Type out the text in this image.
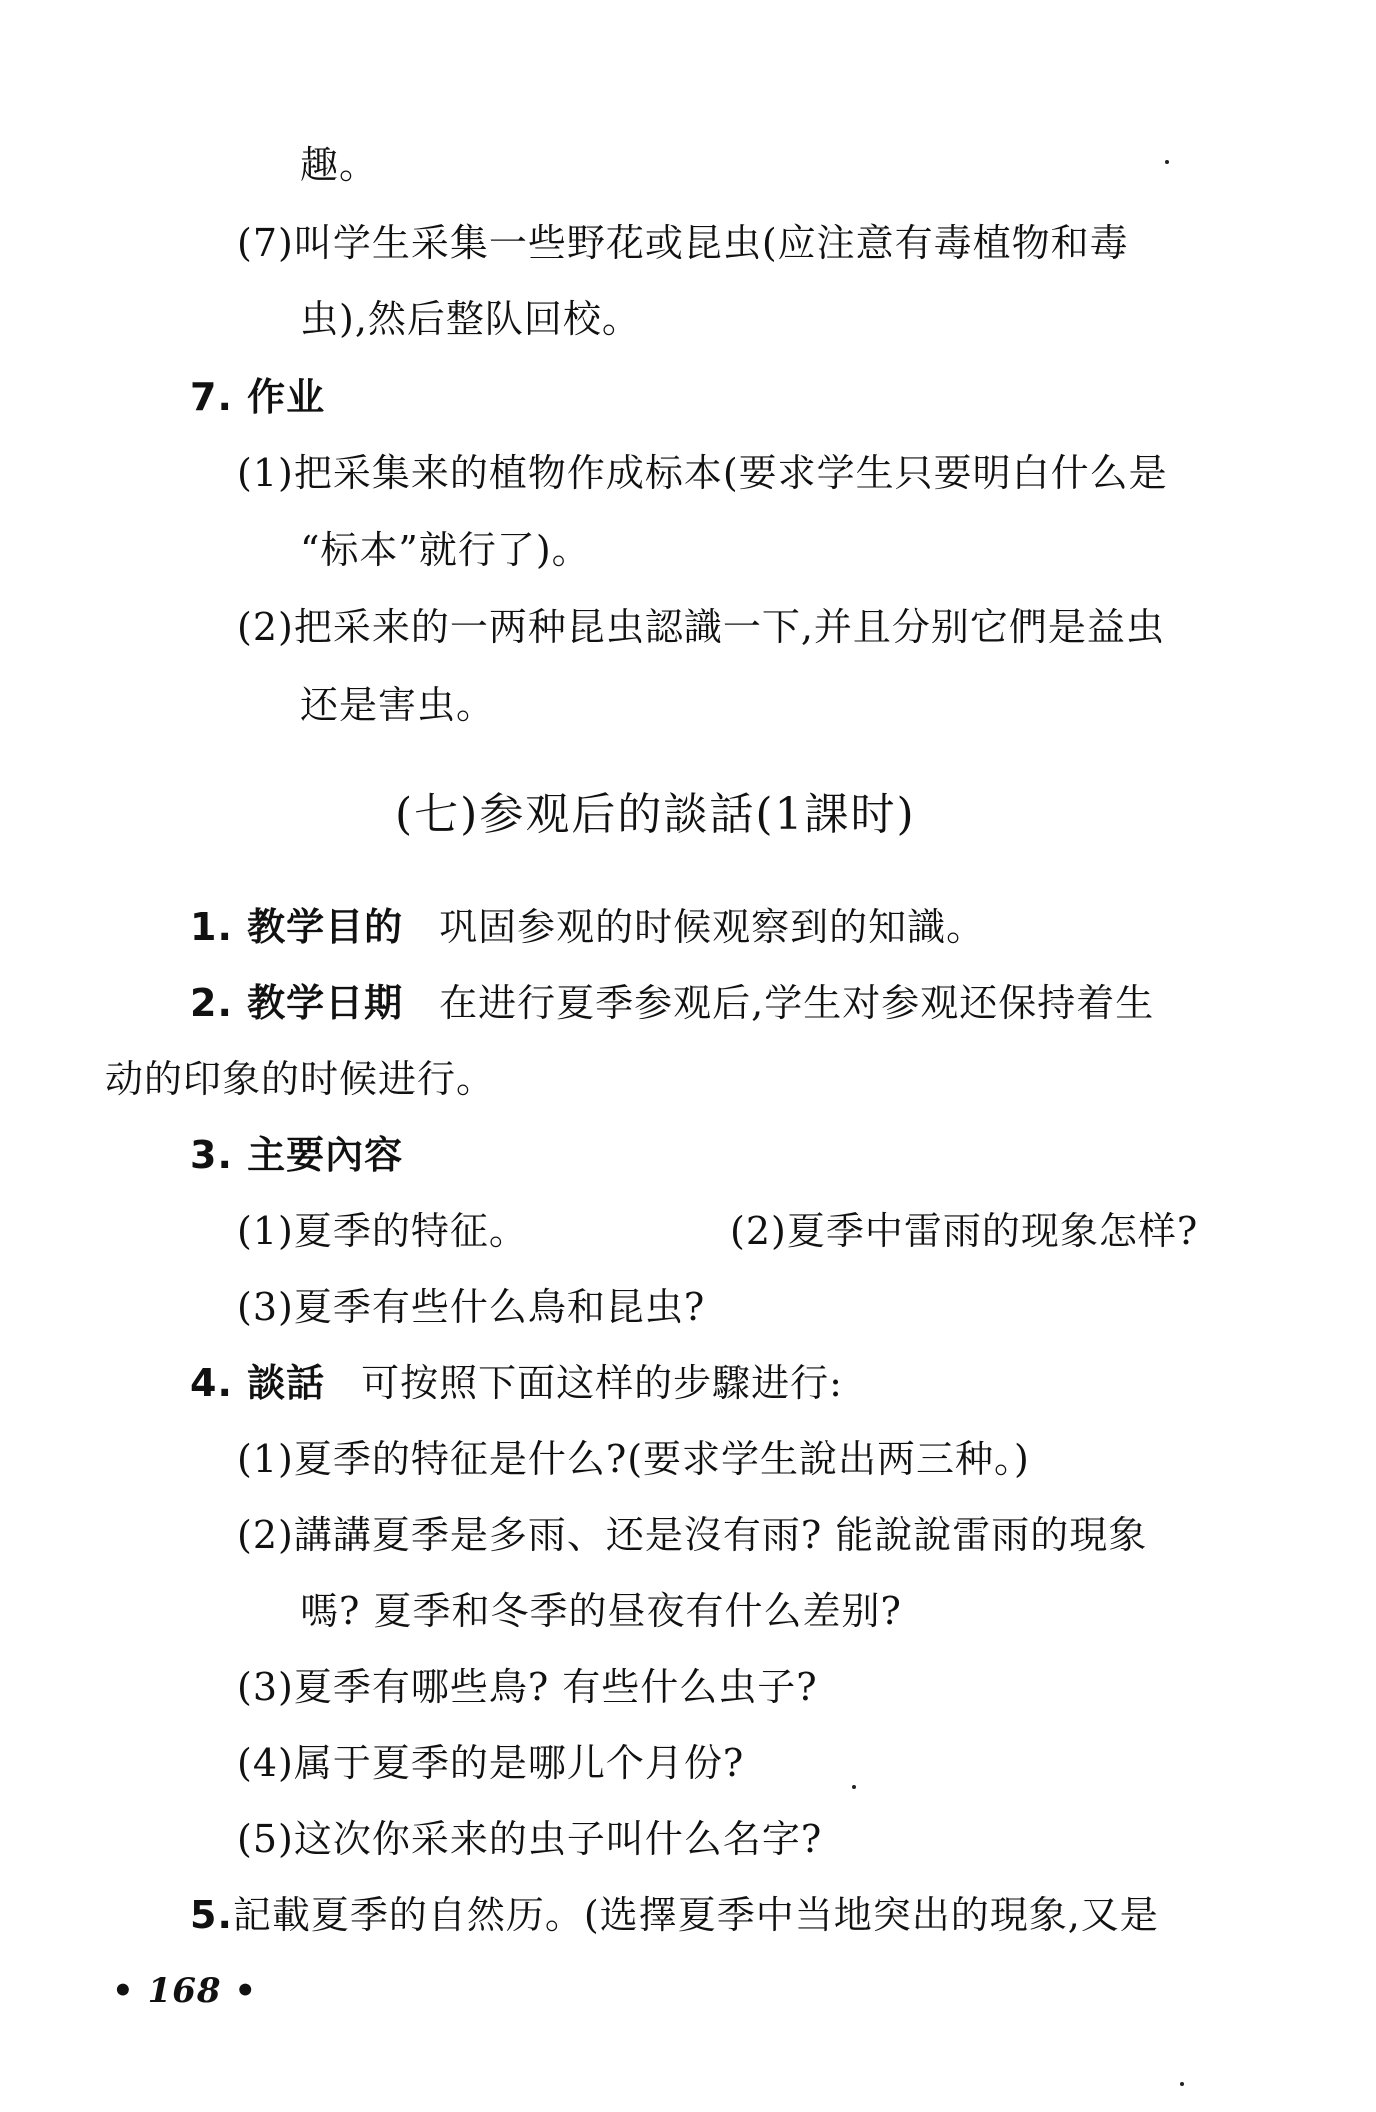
趣。
(7)叫学生采集一些野花或昆虫(应注意有毒植物和毒
虫),然后整队回校。
7. 作业
(1)把采集来的植物作成标本(要求学生只要明白什么是
“标本”就行了)。
(2)把采来的一两种昆虫認識一下,并且分别它們是益虫
还是害虫。
(七)参观后的談話(1課时)
1. 教学目的 巩固参观的时候观察到的知識。
2. 教学日期 在进行夏季参观后,学生对参观还保持着生
动的印象的时候进行。
3. 主要內容
(1)夏季的特征。	(2)夏季中雷雨的现象怎样?
(3)夏季有些什么鳥和昆虫?
4. 談話 可按照下面这样的步驟进行:
(1)夏季的特征是什么?(要求学生說出两三种。)
(2)講講夏季是多雨、还是沒有雨? 能說說雷雨的現象
嗎? 夏季和冬季的昼夜有什么差别?
(3)夏季有哪些鳥? 有些什么虫子?
(4)属于夏季的是哪儿个月份?
(5)这次你采来的虫子叫什么名字?
5.記載夏季的自然历。(选擇夏季中当地突出的現象,又是
• 168 •
